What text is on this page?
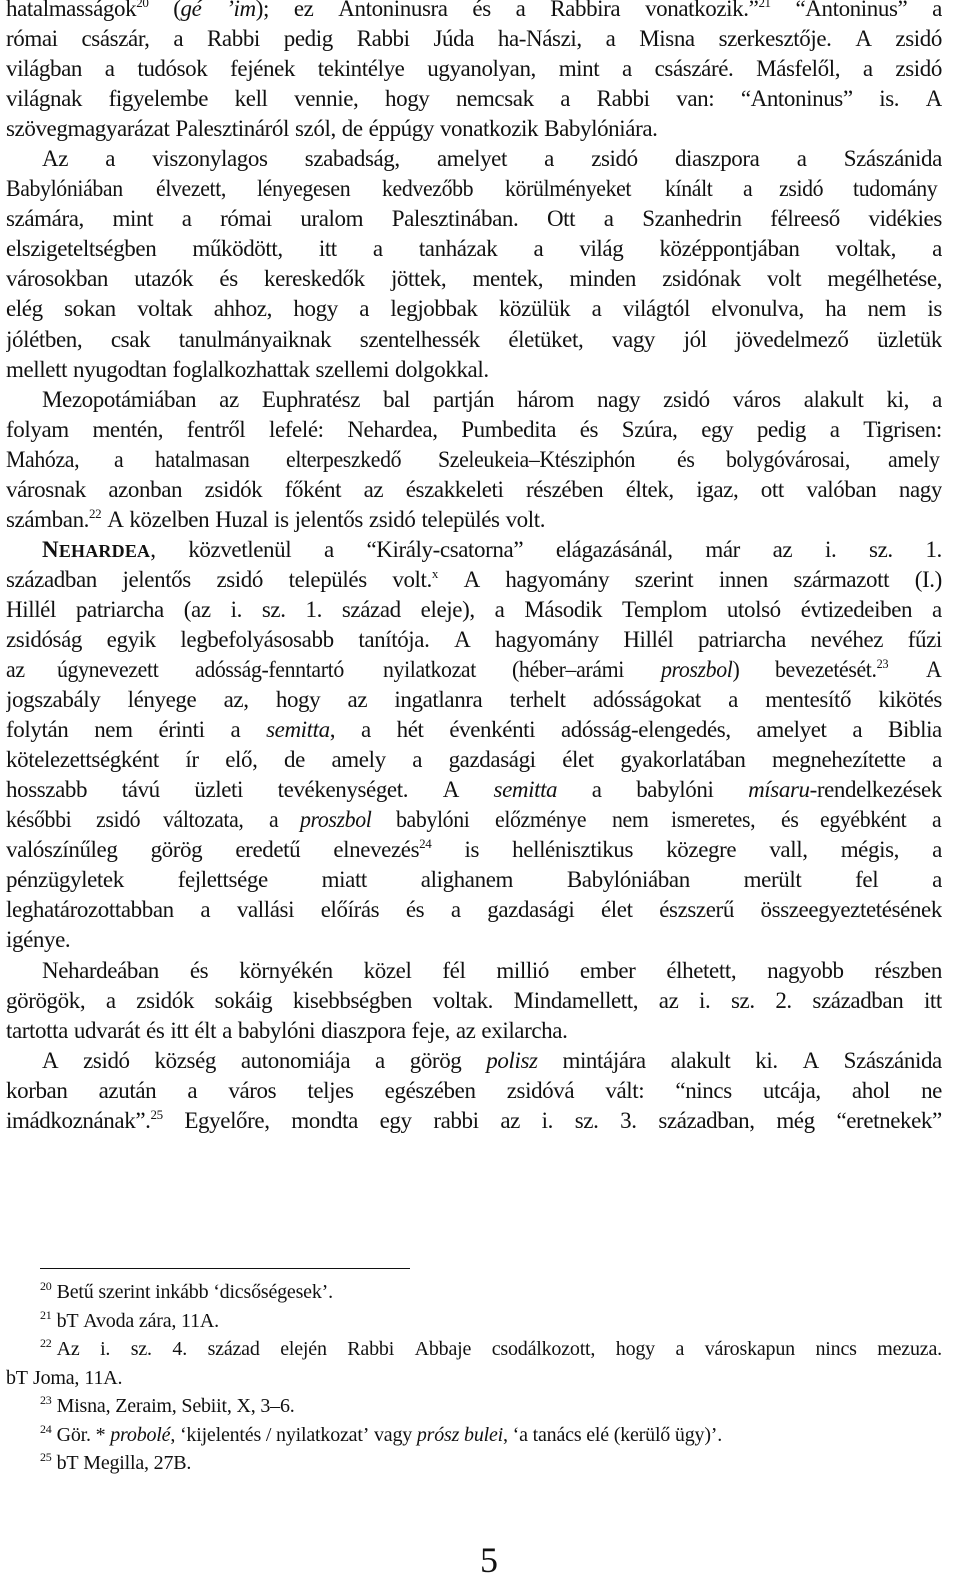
hatalmasságok$^{20}$ (gé ’im); ez Antoninusra és a Rabbira vonatkozik.”$^{21}$ “Antoninus” a
római császár, a Rabbi pedig Rabbi Júda ha-Nászi, a Misna szerkesztője. A zsidó
világban a tudósok fejének tekintélye ugyanolyan, mint a császáré. Másfelől, a zsidó
világnak figyelembe kell vennie, hogy nemcsak a Rabbi van: “Antoninus” is. A
szövegmagyarázat Palesztináról szól, de éppúgy vonatkozik Babylóniára.
Az a viszonylagos szabadság, amelyet a zsidó diaszpora a Szászánida
Babylóniában élvezett, lényegesen kedvezőbb körülményeket kínált a zsidó tudomány
számára, mint a római uralom Palesztinában. Ott a Szanhedrin félreeső vidékies
elszigeteltségben működött, itt a tanházak a világ középpontjában voltak, a
városokban utazók és kereskedők jöttek, mentek, minden zsidónak volt megélhetése,
elég sokan voltak ahhoz, hogy a legjobbak közülük a világtól elvonulva, ha nem is
jólétben, csak tanulmányaiknak szentelhessék életüket, vagy jól jövedelmező üzletük
mellett nyugodtan foglalkozhattak szellemi dolgokkal.
Mezopotámiában az Euphratész bal partján három nagy zsidó város alakult ki, a
folyam mentén, fentről lefelé: Nehardea, Pumbedita és Szúra, egy pedig a Tigrisen:
Mahóza, a hatalmasan elterpeszkedő Szeleukeia–Ktésziphón és bolygóvárosai, amely
városnak azonban zsidók főként az északkeleti részében éltek, igaz, ott valóban nagy
számban.$^{22}$ A közelben Huzal is jelentős zsidó település volt.
NEHARDEA, közvetlenül a “Király-csatorna” elágazásánál, már az i. sz. 1.
században jelentős zsidó település volt.$^x$ A hagyomány szerint innen származott (I.)
Hillél patriarcha (az i. sz. 1. század eleje), a Második Templom utolsó évtizedeiben a
zsidóság egyik legbefolyásosabb tanítója. A hagyomány Hillél patriarcha nevéhez fűzi
az úgynevezett adósság-fenntartó nyilatkozat (héber–arámi proszbol) bevezetését.$^{23}$ A
jogszabály lényege az, hogy az ingatlanra terhelt adósságokat a mentesítő kikötés
folytán nem érinti a semitta, a hét évenkénti adósság-elengedés, amelyet a Biblia
kötelezettségként ír elő, de amely a gazdasági élet gyakorlatában megnehezítette a
hosszabb távú üzleti tevékenységet. A semitta a babylóni mísaru-rendelkezések
későbbi zsidó változata, a proszbol babylóni előzménye nem ismeretes, és egyébként a
valószínűleg görög eredetű elnevezés$^{24}$ is hellénisztikus közegre vall, mégis, a
pénzügyletek fejlettsége miatt alighanem Babylóniában merült fel a
leghatározottabban a vallási előírás és a gazdasági élet észszerű összeegyeztetésének
igénye.
Nehardeában és környékén közel fél millió ember élhetett, nagyobb részben
görögök, a zsidók sokáig kisebbségben voltak. Mindamellett, az i. sz. 2. században itt
tartotta udvarát és itt élt a babylóni diaszpora feje, az exilarcha.
A zsidó község autonomiája a görög polisz mintájára alakult ki. A Szászánida
korban azután a város teljes egészében zsidóvá vált: “nincs utcája, ahol ne
imádkoznának”.$^{25}$ Egyelőre, mondta egy rabbi az i. sz. 3. században, még “eretnekek”
$^{20}$ Betű szerint inkább ‘dicsőségesek’.
$^{21}$ bT Avoda zára, 11A.
$^{22}$ Az i. sz. 4. század elején Rabbi Abbaje csodálkozott, hogy a városkapun nincs mezuza.
bT Joma, 11A.
$^{23}$ Misna, Zeraim, Sebiit, X, 3–6.
$^{24}$ Gör. * probolé, ‘kijelentés / nyilatkozat’ vagy prósz bulei, ‘a tanács elé (kerülő ügy)’.
$^{25}$ bT Megilla, 27B.
5
